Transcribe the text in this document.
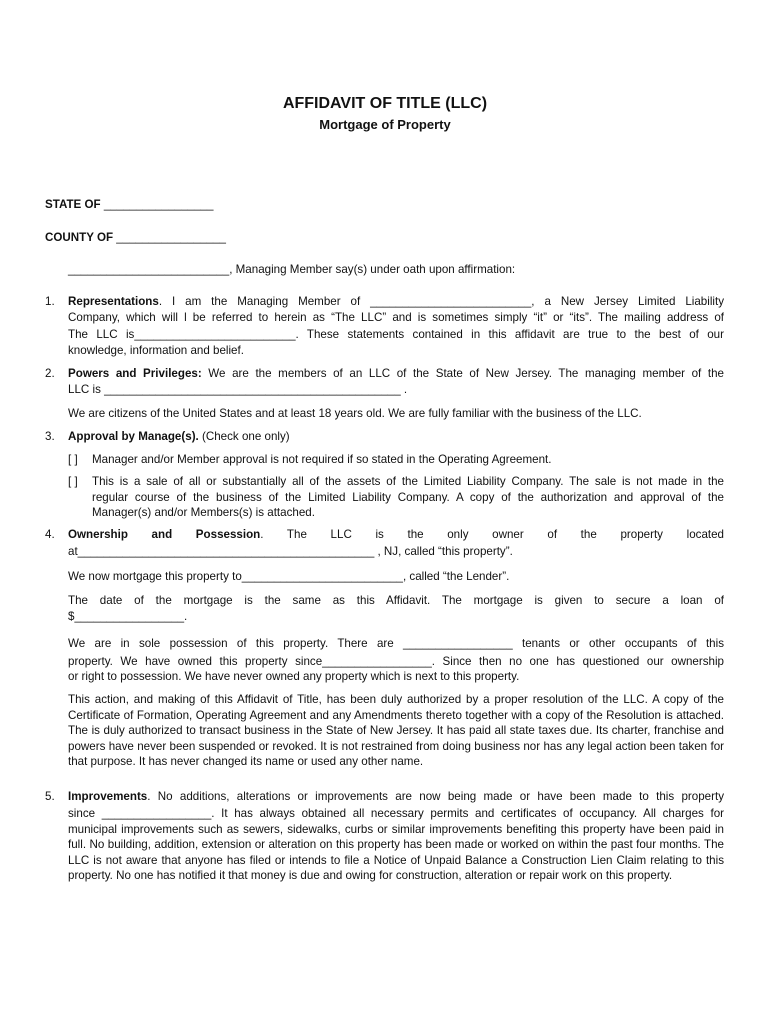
AFFIDAVIT OF TITLE (LLC)
Mortgage of Property
STATE OF _________________
COUNTY OF _________________
_________________________, Managing Member say(s) under oath upon affirmation:
1. Representations. I am the Managing Member of _________________________, a New Jersey Limited Liability
Company, which will l be referred to herein as “The LLC” and is sometimes simply “it” or “its”. The mailing address of
The LLC is_________________________. These statements contained in this affidavit are true to the best of our
knowledge, information and belief.
2. Powers and Privileges: We are the members of an LLC of the State of New Jersey. The managing member of the
LLC is ______________________________________________ .
We are citizens of the United States and at least 18 years old. We are fully familiar with the business of the LLC.
3. Approval by Manage(s). (Check one only)
[ ] Manager and/or Member approval is not required if so stated in the Operating Agreement.
[ ] This is a sale of all or substantially all of the assets of the Limited Liability Company. The sale is not made in the
regular course of the business of the Limited Liability Company. A copy of the authorization and approval of the
Manager(s) and/or Members(s) is attached.
4. Ownership and Possession. The LLC is the only owner of the property located
at______________________________________________ , NJ, called “this property”.
We now mortgage this property to_________________________, called “the Lender”.
The date of the mortgage is the same as this Affidavit. The mortgage is given to secure a loan of
$_________________.
We are in sole possession of this property. There are _________________ tenants or other occupants of this
property. We have owned this property since_________________. Since then no one has questioned our ownership
or right to possession. We have never owned any property which is next to this property.
This action, and making of this Affidavit of Title, has been duly authorized by a proper resolution of the LLC. A copy of the Certificate of Formation, Operating Agreement and any Amendments thereto together with a copy of the Resolution is attached. The is duly authorized to transact business in the State of New Jersey. It has paid all state taxes due. Its charter, franchise and powers have never been suspended or revoked. It is not restrained from doing business nor has any legal action been taken for that purpose. It has never changed its name or used any other name.
5. Improvements. No additions, alterations or improvements are now being made or have been made to this property
since _________________. It has always obtained all necessary permits and certificates of occupancy. All charges for municipal improvements such as sewers, sidewalks, curbs or similar improvements benefiting this property have been paid in full. No building, addition, extension or alteration on this property has been made or worked on within the past four months. The LLC is not aware that anyone has filed or intends to file a Notice of Unpaid Balance a Construction Lien Claim relating to this property. No one has notified it that money is due and owing for construction, alteration or repair work on this property.
